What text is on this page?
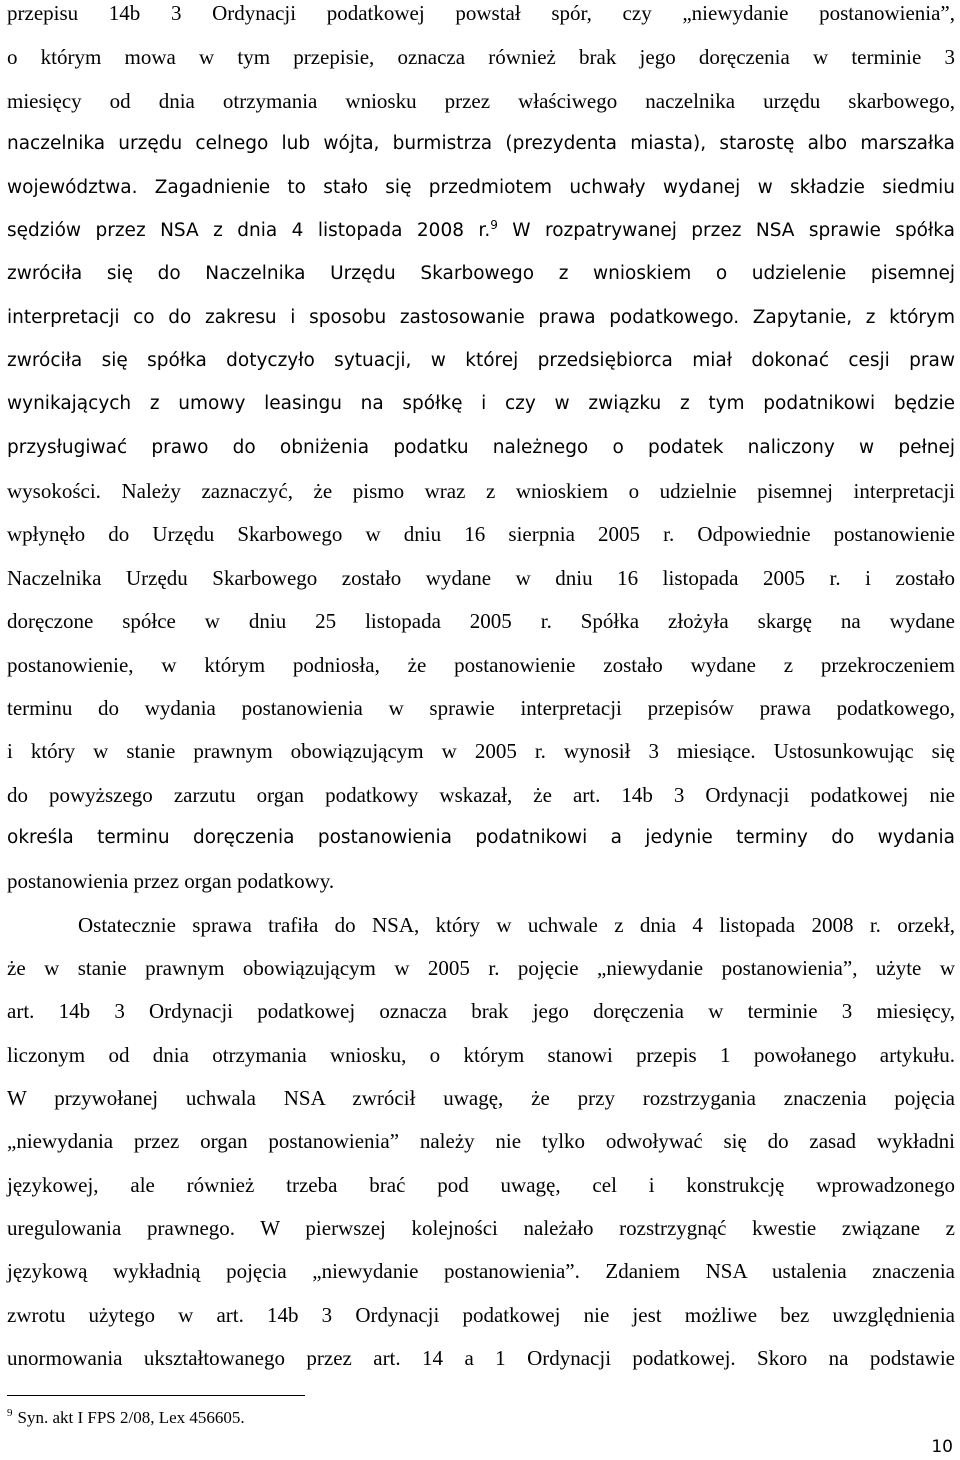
przepisu 14b 3 Ordynacji podatkowej powstał spór, czy „niewydanie postanowienia”,
o którym mowa w tym przepisie, oznacza również brak jego doręczenia w terminie 3
miesięcy od dnia otrzymania wniosku przez właściwego naczelnika urzędu skarbowego,
naczelnika urzędu celnego lub wójta, burmistrza (prezydenta miasta), starostę albo marszałka
województwa. Zagadnienie to stało się przedmiotem uchwały wydanej w składzie siedmiu
sędziów przez NSA z dnia 4 listopada 2008 r.$^9$ W rozpatrywanej przez NSA sprawie spółka
zwróciła się do Naczelnika Urzędu Skarbowego z wnioskiem o udzielenie pisemnej
interpretacji co do zakresu i sposobu zastosowanie prawa podatkowego. Zapytanie, z którym
zwróciła się spółka dotyczyło sytuacji, w której przedsiębiorca miał dokonać cesji praw
wynikających z umowy leasingu na spółkę i czy w związku z tym podatnikowi będzie
przysługiwać prawo do obniżenia podatku należnego o podatek naliczony w pełnej
wysokości. Należy zaznaczyć, że pismo wraz z wnioskiem o udzielnie pisemnej interpretacji
wpłynęło do Urzędu Skarbowego w dniu 16 sierpnia 2005 r. Odpowiednie postanowienie
Naczelnika Urzędu Skarbowego zostało wydane w dniu 16 listopada 2005 r. i zostało
doręczone spółce w dniu 25 listopada 2005 r. Spółka złożyła skargę na wydane
postanowienie, w którym podniosła, że postanowienie zostało wydane z przekroczeniem
terminu do wydania postanowienia w sprawie interpretacji przepisów prawa podatkowego,
i który w stanie prawnym obowiązującym w 2005 r. wynosił 3 miesiące. Ustosunkowując się
do powyższego zarzutu organ podatkowy wskazał, że art. 14b 3 Ordynacji podatkowej nie
określa terminu doręczenia postanowienia podatnikowi a jedynie terminy do wydania
postanowienia przez organ podatkowy.
Ostatecznie sprawa trafiła do NSA, który w uchwale z dnia 4 listopada 2008 r. orzekł,
że w stanie prawnym obowiązującym w 2005 r. pojęcie „niewydanie postanowienia”, użyte w
art. 14b 3 Ordynacji podatkowej oznacza brak jego doręczenia w terminie 3 miesięcy,
liczonym od dnia otrzymania wniosku, o którym stanowi przepis 1 powołanego artykułu.
W przywołanej uchwala NSA zwrócił uwagę, że przy rozstrzygania znaczenia pojęcia
„niewydania przez organ postanowienia” należy nie tylko odwoływać się do zasad wykładni
językowej, ale również trzeba brać pod uwagę, cel i konstrukcję wprowadzonego
uregulowania prawnego. W pierwszej kolejności należało rozstrzygnąć kwestie związane z
językową wykładnią pojęcia „niewydanie postanowienia”. Zdaniem NSA ustalenia znaczenia
zwrotu użytego w art. 14b 3 Ordynacji podatkowej nie jest możliwe bez uwzględnienia
unormowania ukształtowanego przez art. 14 a 1 Ordynacji podatkowej. Skoro na podstawie
$^9$ Syn. akt I FPS 2/08, Lex 456605.
10
